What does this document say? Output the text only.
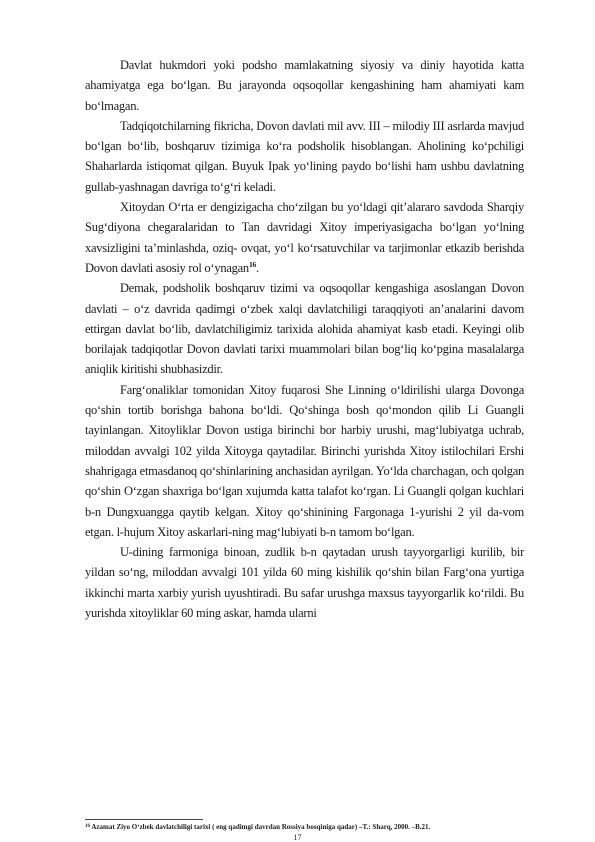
Davlat hukmdori yoki podsho mamlakatning siyosiy va diniy hayotida katta ahamiyatga ega bo‘lgan. Bu jarayonda oqsoqollar kengashining ham ahamiyati kam bo‘lmagan.

Tadqiqotchilarning fikricha, Dovon davlati mil avv. III – milodiy III asrlarda mavjud bo‘lgan bo‘lib, boshqaruv tizimiga ko‘ra podsholik hisoblangan. Aholining ko‘pchiligi Shaharlarda istiqomat qilgan. Buyuk Ipak yo‘lining paydo bo‘lishi ham ushbu davlatning gullab-yashnagan davriga to‘g‘ri keladi.

Xitoydan O‘rta er dengizigacha cho‘zilgan bu yo‘ldagi qit’alararo savdoda Sharqiy Sug‘diyona chegaralaridan to Tan davridagi Xitoy imperiyasigacha bo‘lgan yo‘lning xavsizligini ta’minlashda, oziq- ovqat, yo‘l ko‘rsatuvchilar va tarjimonlar etkazib berishda Dovon davlati asosiy rol o‘ynagan$^{16}$.

Demak, podsholik boshqaruv tizimi va oqsoqollar kengashiga asoslangan Dovon davlati – o‘z davrida qadimgi o‘zbek xalqi davlatchiligi taraqqiyoti an’analarini davom ettirgan davlat bo‘lib, davlatchiligimiz tarixida alohida ahamiyat kasb etadi. Keyingi olib borilajak tadqiqotlar Dovon davlati tarixi muammolari bilan bog‘liq ko‘pgina masalalarga aniqlik kiritishi shubhasizdir.

Farg‘onaliklar tomonidan Xitoy fuqarosi She Linning o‘ldirilishi ularga Dovonga qo‘shin tortib borishga bahona bo‘ldi. Qo‘shinga bosh qo‘mondon qilib Li Guangli tayinlangan. Xitoyliklar Dovon ustiga birinchi bor harbiy urushi, mag‘lubiyatga uchrab, miloddan avvalgi 102 yilda Xitoyga qaytadilar. Birinchi yurishda Xitoy istilochilari Ershi shahrigaga etmasdanoq qo‘shinlarining anchasidan ayrilgan. Yo‘lda charchagan, och qolgan qo‘shin O‘zgan shaxriga bo‘lgan xujumda katta talafot ko‘rgan. Li Guangli qolgan kuchlari b-n Dungxuangga qaytib kelgan. Xitoy qo‘shinining Fargonaga 1-yurishi 2 yil da-vom etgan. l-hujum Xitoy askarlari-ning mag‘lubiyati b-n tamom bo‘lgan.

U-dining farmoniga binoan, zudlik b-n qaytadan urush tayyorgarligi kurilib, bir yildan so‘ng, miloddan avvalgi 101 yilda 60 ming kishilik qo‘shin bilan Farg‘ona yurtiga ikkinchi marta xarbiy yurish uyushtiradi. Bu safar urushga maxsus tayyorgarlik ko‘rildi. Bu yurishda xitoyliklar 60 ming askar, hamda ularni

$^{16}$ Azamat Ziyo O‘zbek davlatchiligi tarixi ( eng qadimgi davrdan Rossiya bosqiniga qadar) –T.: Sharq, 2000. –B.21.
17
